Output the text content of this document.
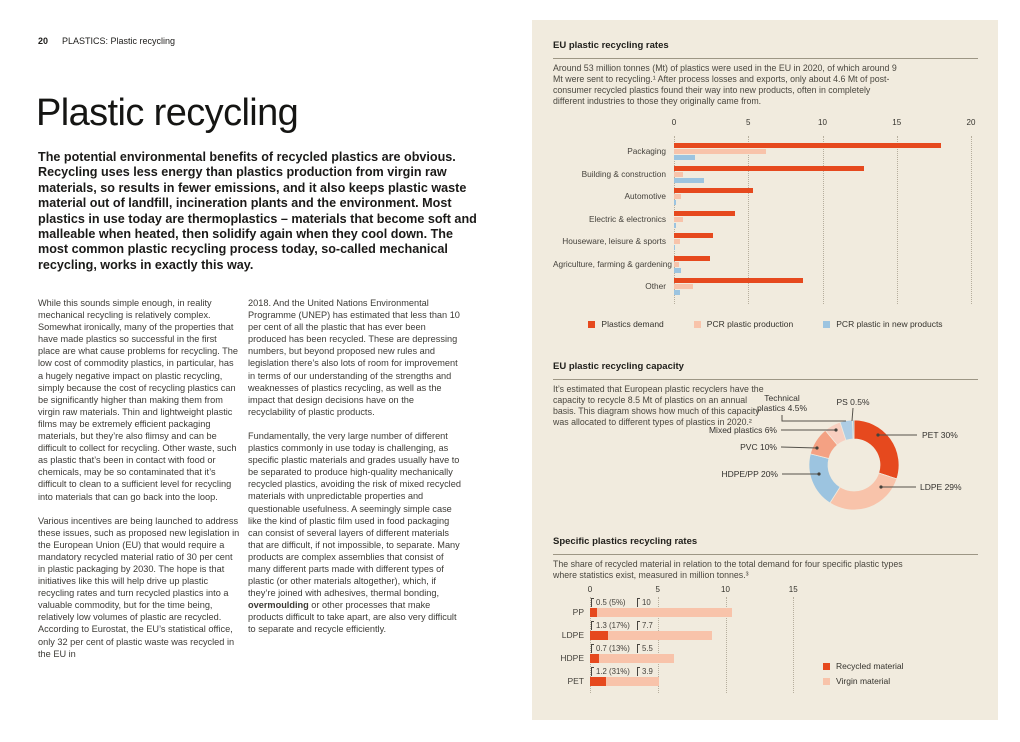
20 PLASTICS: Plastic recycling
Plastic recycling

The potential environmental benefits of recycled plastics are obvious. Recycling uses less energy than plastics production from virgin raw materials, so results in fewer emissions, and it also keeps plastic waste material out of landfill, incineration plants and the environment. Most plastics in use today are thermoplastics – materials that become soft and malleable when heated, then solidify again when they cool down. The most common plastic recycling process today, so-called mechanical recycling, works in exactly this way.

While this sounds simple enough, in reality mechanical recycling is relatively complex. Somewhat ironically, many of the properties that have made plastics so successful in the first place are what cause problems for recycling. The low cost of commodity plastics, in particular, has a hugely negative impact on plastic recycling, simply because the cost of recycling plastics can be significantly higher than making them from virgin raw materials. Thin and lightweight plastic films may be extremely efficient packaging materials, but they’re also flimsy and can be difficult to collect for recycling. Other waste, such as plastic that’s been in contact with food or chemicals, may be so contaminated that it’s difficult to clean to a sufficient level for recycling into materials that can go back into the loop.

Various incentives are being launched to address these issues, such as proposed new legislation in the European Union (EU) that would require a mandatory recycled material ratio of 30 per cent in plastic packaging by 2030. The hope is that initiatives like this will help drive up plastic recycling rates and turn recycled plastics into a valuable commodity, but for the time being, relatively low volumes of plastic are recycled. According to Eurostat, the EU’s statistical office, only 32 per cent of plastic waste was recycled in the EU in

2018. And the United Nations Environmental Programme (UNEP) has estimated that less than 10 per cent of all the plastic that has ever been produced has been recycled. These are depressing numbers, but beyond proposed new rules and legislation there’s also lots of room for improvement in terms of our understanding of the strengths and weaknesses of plastics recycling, as well as the impact that design decisions have on the recyclability of plastic products.

Fundamentally, the very large number of different plastics commonly in use today is challenging, as specific plastic materials and grades usually have to be separated to produce high-quality mechanically recycled plastics, avoiding the risk of mixed recycled materials with unpredictable properties and questionable usefulness. A seemingly simple case like the kind of plastic film used in food packaging can consist of several layers of different materials that are difficult, if not impossible, to separate. Many products are complex assemblies that consist of many different parts made with different types of plastic (or other materials altogether), which, if they’re joined with adhesives, thermal bonding, overmoulding or other processes that make products difficult to take apart, are also very difficult to separate and recycle efficiently.

EU plastic recycling rates

Around 53 million tonnes (Mt) of plastics were used in the EU in 2020, of which around 9 Mt were sent to recycling.¹ After process losses and exports, only about 4.6 Mt of post-consumer recycled plastics found their way into new products, often in completely different industries to those they originally came from.

0	5	10	15	20
Packaging
Building & construction
Automotive
Electric & electronics
Houseware, leisure & sports
Agriculture, farming & gardening
Other
Plastics demand	PCR plastic production	PCR plastic in new products
EU plastic recycling capacity

It’s estimated that European plastic recyclers have the capacity to recycle 8.5 Mt of plastics on an annual basis. This diagram shows how much of this capacity was allocated to different types of plastics in 2020.²

PET 30%
LDPE 29%
HDPE/PP 20%
PVC 10%
Mixed plastics 6%
Technical
plastics 4.5%
PS 0.5%
Specific plastics recycling rates

The share of recycled material in relation to the total demand for four specific plastic types where statistics exist, measured in million tonnes.³

0	5	10	15
PP
0.5 (5%) 10
LDPE
1.3 (17%) 7.7
HDPE
0.7 (13%) 5.5
PET
1.2 (31%) 3.9
Recycled material
Virgin material
